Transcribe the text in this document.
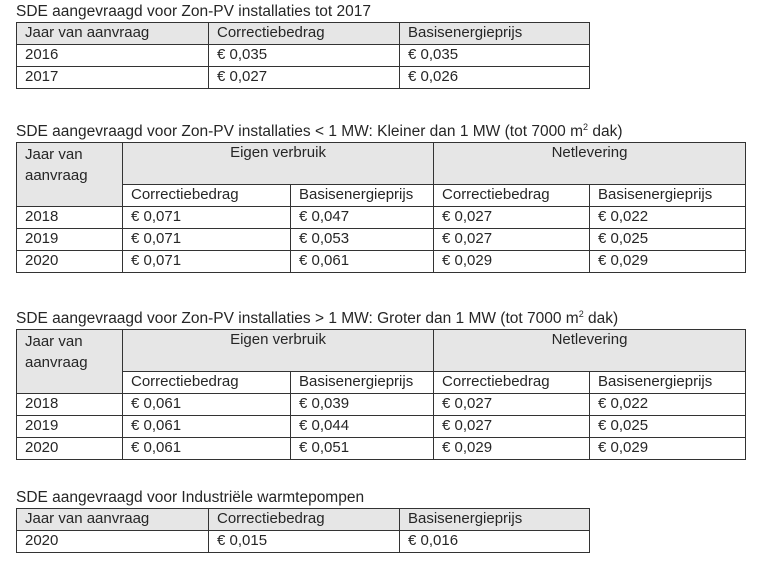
SDE aangevraagd voor Zon-PV installaties tot 2017
Jaar van aanvraag	Correctiebedrag	Basisenergieprijs
2016	€ 0,035	€ 0,035
2017	€ 0,027	€ 0,026
SDE aangevraagd voor Zon-PV installaties < 1 MW: Kleiner dan 1 MW (tot 7000 $m^2$ dak)
Jaar van aanvraag	Eigen verbruik		Netlevering	
	Correctiebedrag	Basisenergieprijs	Correctiebedrag	Basisenergieprijs
2018	€ 0,071	€ 0,047	€ 0,027	€ 0,022
2019	€ 0,071	€ 0,053	€ 0,027	€ 0,025
2020	€ 0,071	€ 0,061	€ 0,029	€ 0,029
SDE aangevraagd voor Zon-PV installaties > 1 MW: Groter dan 1 MW (tot 7000 $m^2$ dak)
Jaar van aanvraag	Eigen verbruik		Netlevering	
	Correctiebedrag	Basisenergieprijs	Correctiebedrag	Basisenergieprijs
2018	€ 0,061	€ 0,039	€ 0,027	€ 0,022
2019	€ 0,061	€ 0,044	€ 0,027	€ 0,025
2020	€ 0,061	€ 0,051	€ 0,029	€ 0,029
SDE aangevraagd voor Industriële warmtepompen
Jaar van aanvraag	Correctiebedrag	Basisenergieprijs
2020	€ 0,015	€ 0,016
